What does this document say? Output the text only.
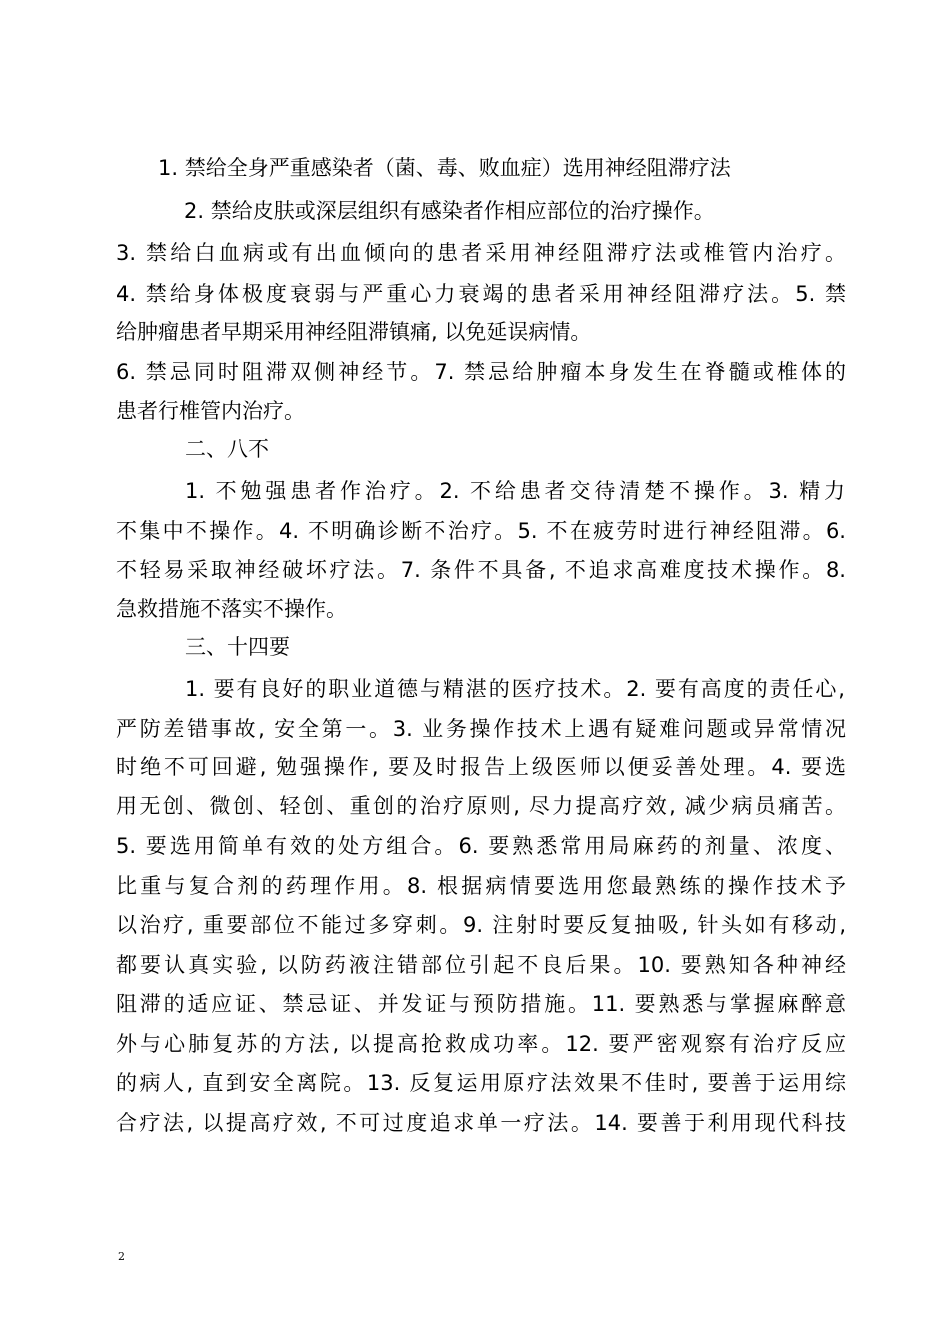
1. 禁给全身严重感染者（菌、毒、败血症）选用神经阻滞疗法
2. 禁给皮肤或深层组织有感染者作相应部位的治疗操作。
3. 禁给白血病或有出血倾向的患者采用神经阻滞疗法或椎管内治疗。
4. 禁给身体极度衰弱与严重心力衰竭的患者采用神经阻滞疗法。5. 禁
给肿瘤患者早期采用神经阻滞镇痛, 以免延误病情。
6. 禁忌同时阻滞双侧神经节。7. 禁忌给肿瘤本身发生在脊髓或椎体的
患者行椎管内治疗。
二、八不
1. 不勉强患者作治疗。2. 不给患者交待清楚不操作。3. 精力
不集中不操作。4. 不明确诊断不治疗。5. 不在疲劳时进行神经阻滞。6.
不轻易采取神经破坏疗法。7. 条件不具备, 不追求高难度技术操作。8.
急救措施不落实不操作。
三、十四要
1. 要有良好的职业道德与精湛的医疗技术。2. 要有高度的责任心,
严防差错事故, 安全第一。3. 业务操作技术上遇有疑难问题或异常情况
时绝不可回避, 勉强操作, 要及时报告上级医师以便妥善处理。4. 要选
用无创、微创、轻创、重创的治疗原则, 尽力提高疗效, 减少病员痛苦。
5. 要选用简单有效的处方组合。6. 要熟悉常用局麻药的剂量、浓度、
比重与复合剂的药理作用。8. 根据病情要选用您最熟练的操作技术予
以治疗, 重要部位不能过多穿刺。9. 注射时要反复抽吸, 针头如有移动,
都要认真实验, 以防药液注错部位引起不良后果。10. 要熟知各种神经
阻滞的适应证、禁忌证、并发证与预防措施。11. 要熟悉与掌握麻醉意
外与心肺复苏的方法, 以提高抢救成功率。12. 要严密观察有治疗反应
的病人, 直到安全离院。13. 反复运用原疗法效果不佳时, 要善于运用综
合疗法, 以提高疗效, 不可过度追求单一疗法。14. 要善于利用现代科技
2
